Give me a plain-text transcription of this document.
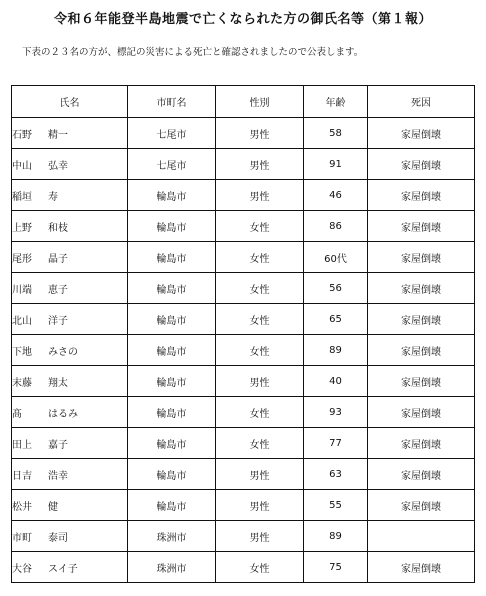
令和６年能登半島地震で亡くなられた方の御氏名等（第１報）
下表の２３名の方が、標記の災害による死亡と確認されましたので公表します。
氏名	市町名	性別	年齢	死因
石野 精一	七尾市	男性	58	家屋倒壊
中山 弘幸	七尾市	男性	91	家屋倒壊
稲垣 寿	輪島市	男性	46	家屋倒壊
上野 和枝	輪島市	女性	86	家屋倒壊
尾形 晶子	輪島市	女性	60代	家屋倒壊
川端 恵子	輪島市	女性	56	家屋倒壊
北山 洋子	輪島市	女性	65	家屋倒壊
下地 みさの	輪島市	女性	89	家屋倒壊
末藤 翔太	輪島市	男性	40	家屋倒壊
髙 はるみ	輪島市	女性	93	家屋倒壊
田上 嘉子	輪島市	女性	77	家屋倒壊
日吉 浩幸	輪島市	男性	63	家屋倒壊
松井 健	輪島市	男性	55	家屋倒壊
市町 泰司	珠洲市	男性	89	
大谷 スイ子	珠洲市	女性	75	家屋倒壊
